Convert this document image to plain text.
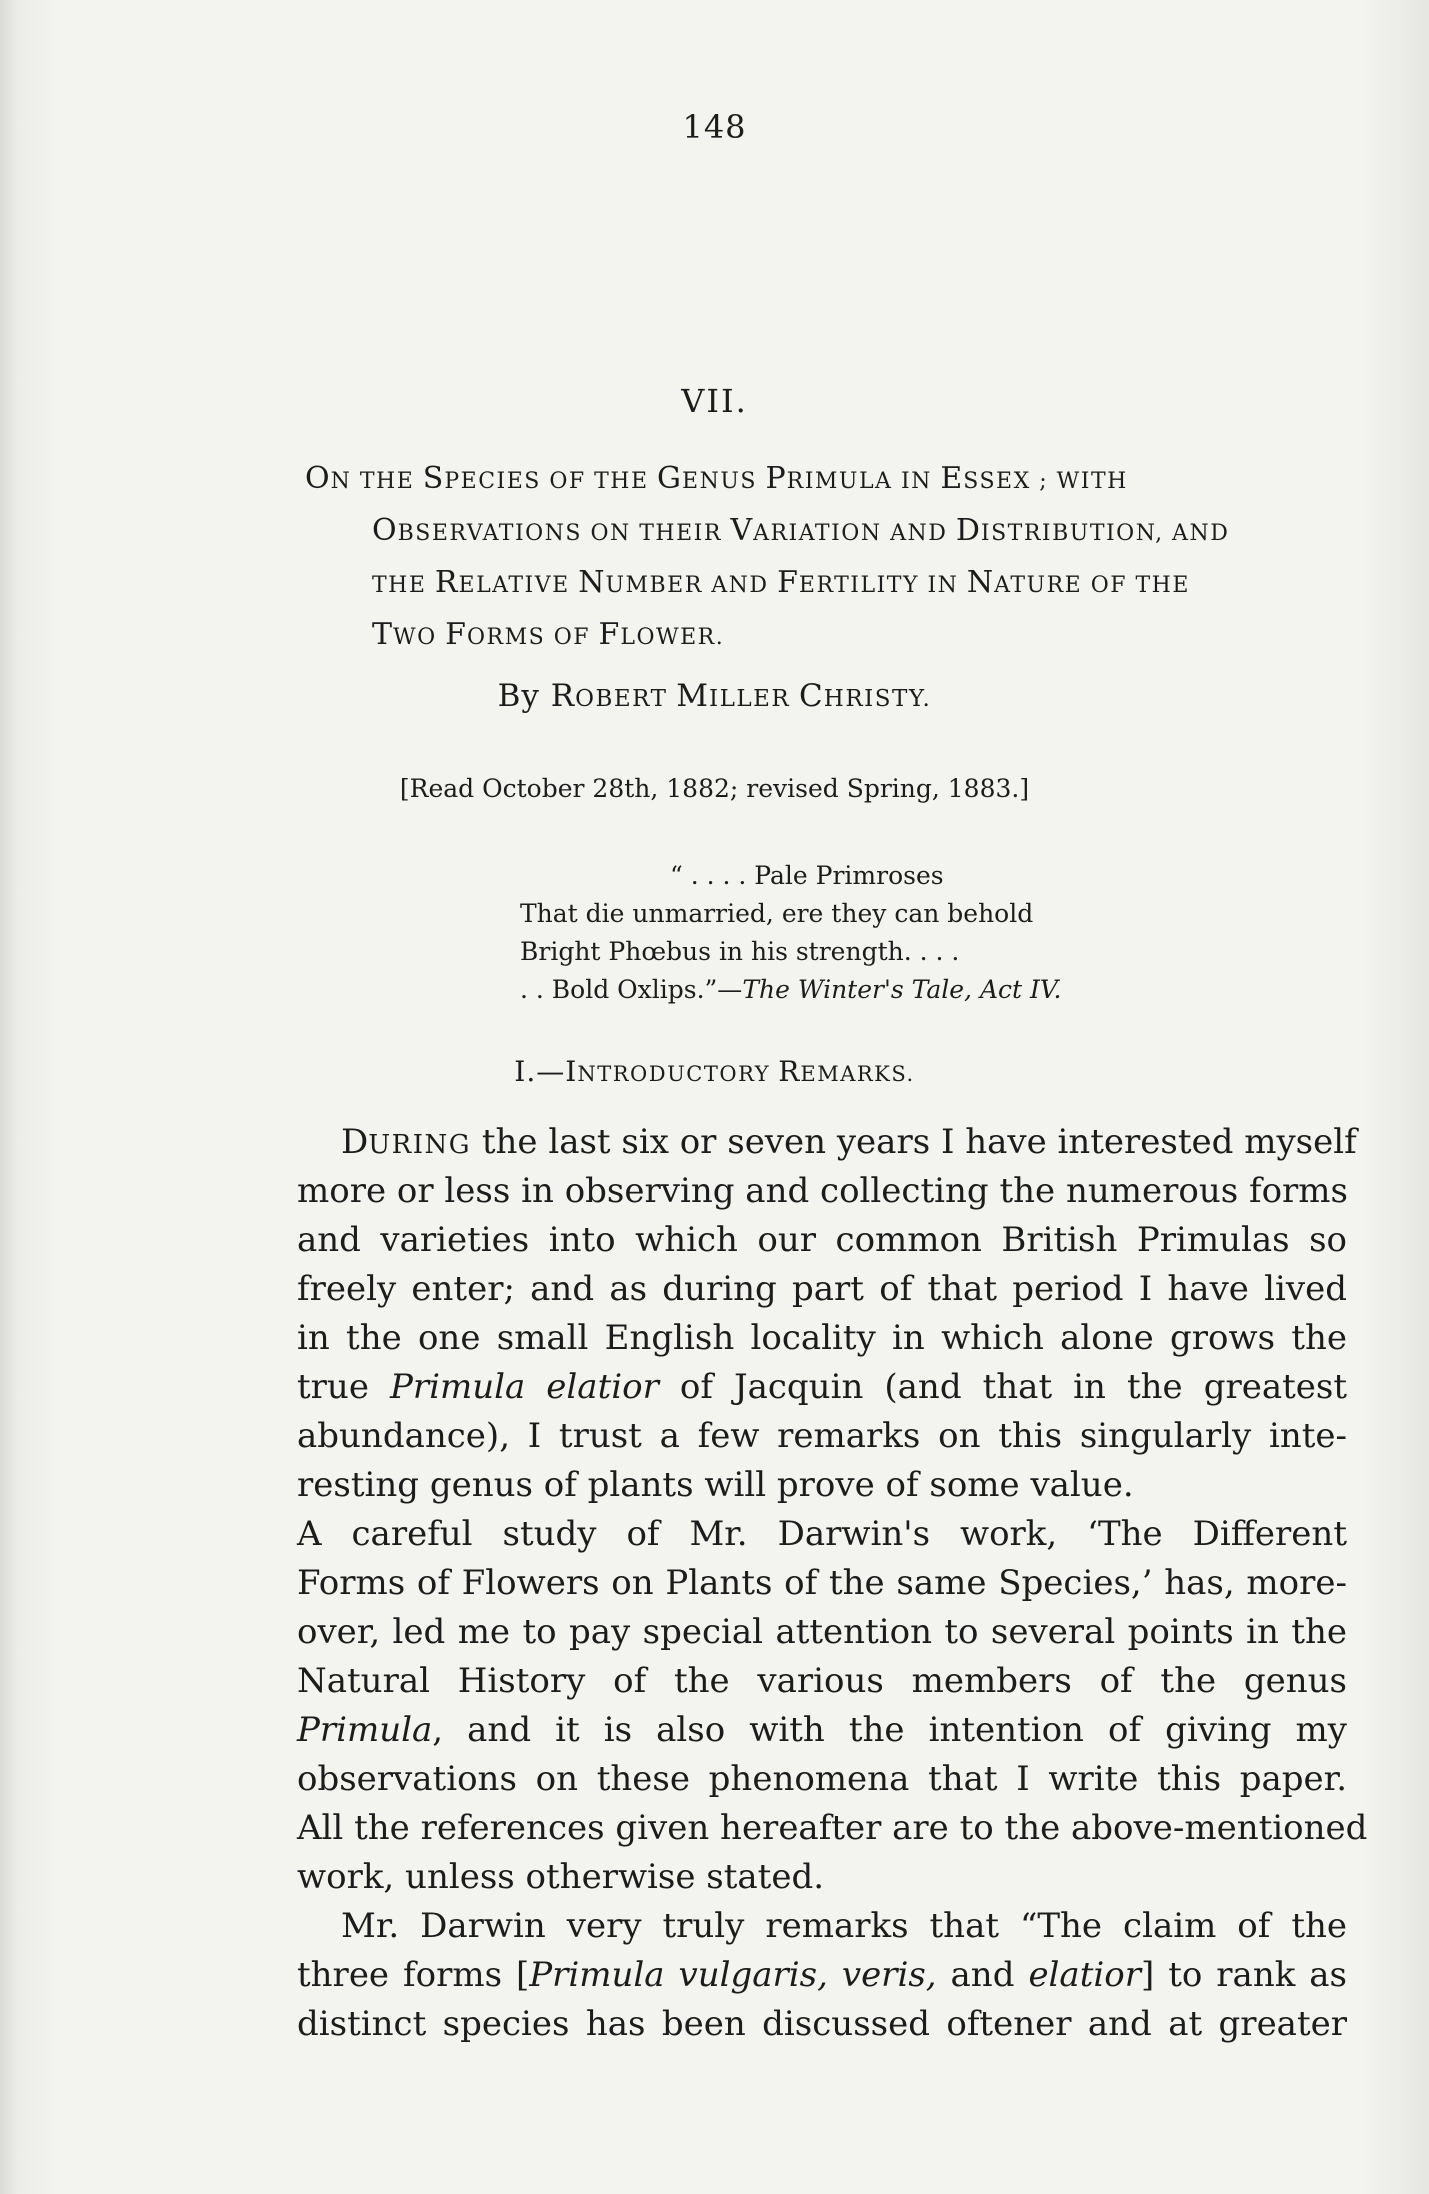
148
VII.
ON THE SPECIES OF THE GENUS PRIMULA IN ESSEX ; WITH
OBSERVATIONS ON THEIR VARIATION AND DISTRIBUTION, AND
THE RELATIVE NUMBER AND FERTILITY IN NATURE OF THE
TWO FORMS OF FLOWER.
By ROBERT MILLER CHRISTY.
[Read October 28th, 1882; revised Spring, 1883.]
“ . . . . Pale Primroses
That die unmarried, ere they can behold
Bright Phœbus in his strength. . . .
. . Bold Oxlips.”—The Winter's Tale, Act IV.
I.—INTRODUCTORY REMARKS.
DURING the last six or seven years I have interested myself
more or less in observing and collecting the numerous forms
and varieties into which our common British Primulas so
freely enter; and as during part of that period I have lived
in the one small English locality in which alone grows the
true Primula elatior of Jacquin (and that in the greatest
abundance), I trust a few remarks on this singularly inte-
resting genus of plants will prove of some value.
A careful study of Mr. Darwin's work, ‘The Different
Forms of Flowers on Plants of the same Species,’ has, more-
over, led me to pay special attention to several points in the
Natural History of the various members of the genus
Primula, and it is also with the intention of giving my
observations on these phenomena that I write this paper.
All the references given hereafter are to the above-mentioned
work, unless otherwise stated.
Mr. Darwin very truly remarks that “The claim of the
three forms [Primula vulgaris, veris, and elatior] to rank as
distinct species has been discussed oftener and at greater
